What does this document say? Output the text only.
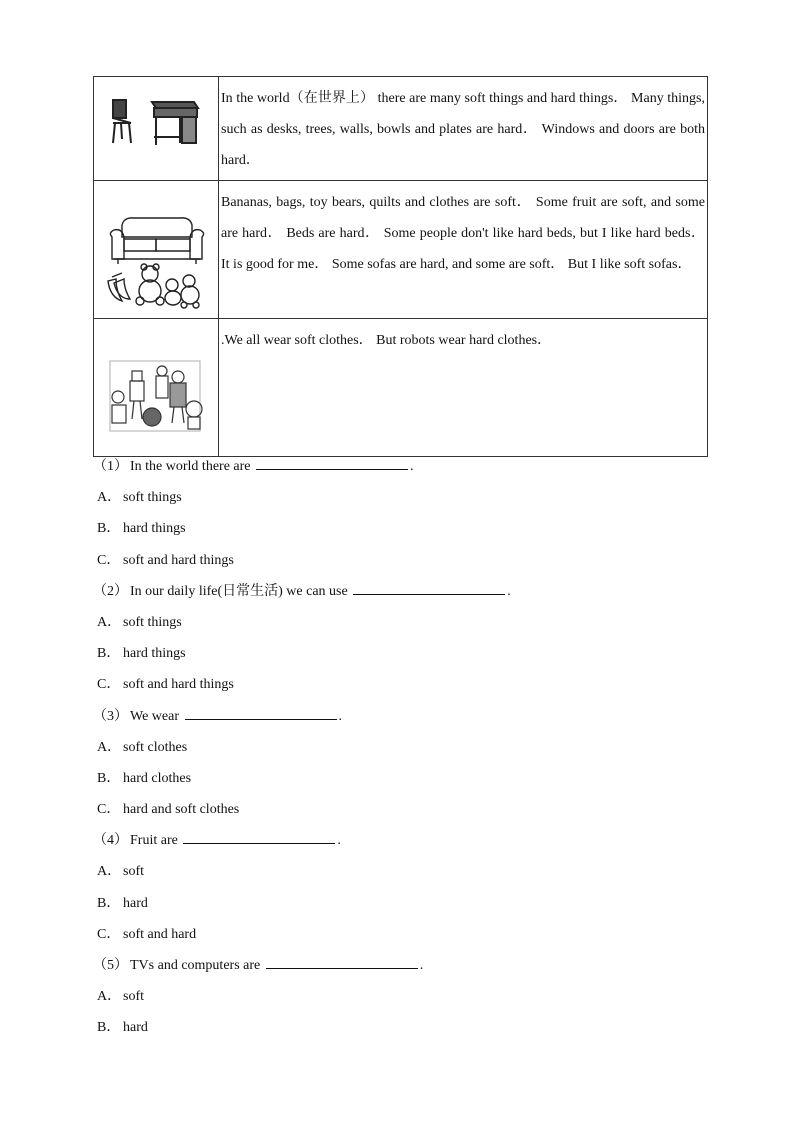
	In the world（在世界上） there are many soft things and hard things． Many things, such as desks, trees, walls, bowls and plates are hard． Windows and doors are both hard．

	Bananas, bags, toy bears, quilts and clothes are soft． Some fruit are soft, and some are hard． Beds are hard． Some people don't like hard beds, but I like hard beds． It is good for me． Some sofas are hard, and some are soft． But I like soft sofas．

	.We all wear soft clothes． But robots wear hard clothes．
（1） In the world there are	.
A． soft things
B． hard things
C． soft and hard things
（2） In our daily life(日常生活) we can use	.
A． soft things
B． hard things
C． soft and hard things
（3） We wear	.
A． soft clothes
B． hard clothes
C． hard and soft clothes
（4） Fruit are	.
A． soft
B． hard
C． soft and hard
（5） TVs and computers are	.
A． soft
B． hard
